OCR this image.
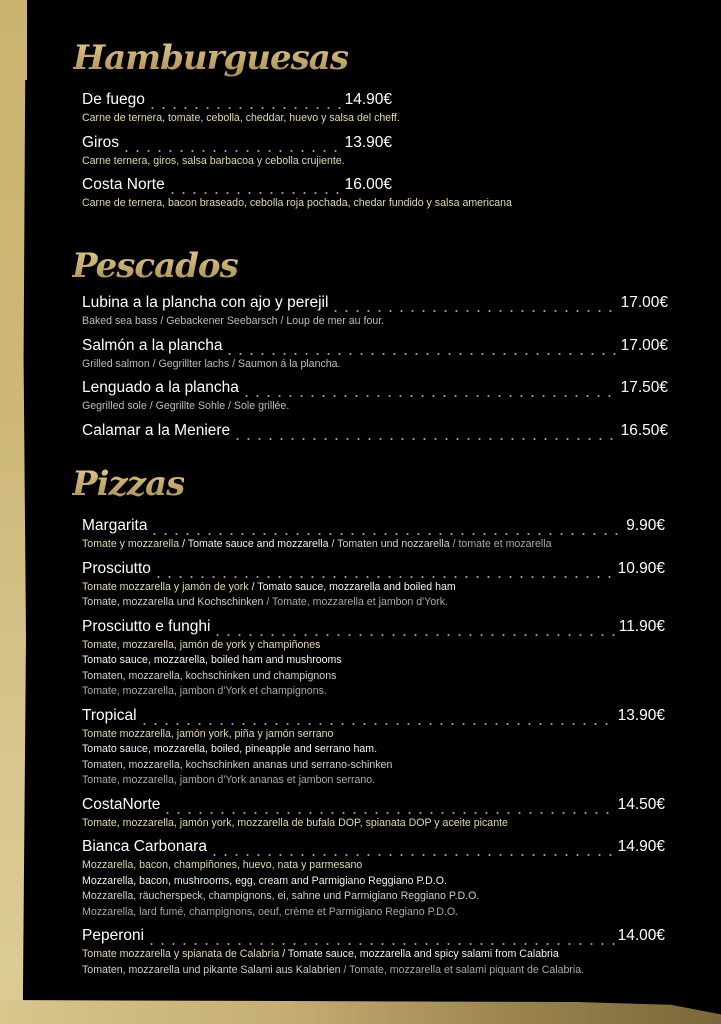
Hamburguesas
De fuego	14.90€
Carne de ternera, tomate, cebolla, cheddar, huevo y salsa del cheff.
Giros	13.90€
Carne ternera, giros, salsa barbacoa y cebolla crujiente.
Costa Norte	16.00€
Carne de ternera, bacon braseado, cebolla roja pochada, chedar fundido y salsa americana
Pescados
Lubina a la plancha con ajo y perejil	17.00€
Baked sea bass / Gebackener Seebarsch / Loup de mer au four.
Salmón a la plancha	17.00€
Grilled salmon / Gegrillter lachs / Saumon á la plancha.
Lenguado a la plancha	17.50€
Gegrilled sole / Gegrillte Sohle / Sole grillée.
Calamar a la Meniere	16.50€
Pizzas
Margarita	9.90€
Tomate y mozzarella / Tomate sauce and mozzarella / Tomaten und nozzarella / tomate et mozarella
Prosciutto	10.90€
Tomate mozzarella y jamón de york / Tomato sauce, mozzarella and boiled ham
Tomate, mozzarella und Kochschinken / Tomate, mozzarella et jambon d'York.
Prosciutto e funghi	11.90€
Tomate, mozzarella, jamón de york y champiñones
Tomato sauce, mozzarella, boiled ham and mushrooms
Tomaten, mozzarella, kochschinken und champignons
Tomate, mozzarella, jambon d'York et champignons.
Tropical	13.90€
Tomate mozzarella, jamón york, piña y jamón serrano
Tomato sauce, mozzarella, boiled, pineapple and serrano ham.
Tomaten, mozzarella, kochschinken ananas und serrano-schinken
Tomate, mozzarella, jambon d'York ananas et jambon serrano.
CostaNorte	14.50€
Tomate, mozzarella, jamón york, mozzarella de bufala DOP, spianata DOP y aceite picante
Bianca Carbonara	14.90€
Mozzarella, bacon, champiñones, huevo, nata y parmesano
Mozzarella, bacon, mushrooms, egg, cream and Parmigiano Reggiano P.D.O.
Mozzarella, räucherspeck, champignons, ei, sahne und Parmigiano Reggiano P.D.O.
Mozzarella, lard fumé, champignons, oeuf, crème et Parmigiano Regiano P.D.O.
Peperoni	14.00€
Tomate mozzarella y spianata de Calabria / Tomate sauce, mozzarella and spicy salami from Calabria
Tomaten, mozzarella und pikante Salami aus Kalabrien / Tomate, mozzarella et salami piquant de Calabria.
